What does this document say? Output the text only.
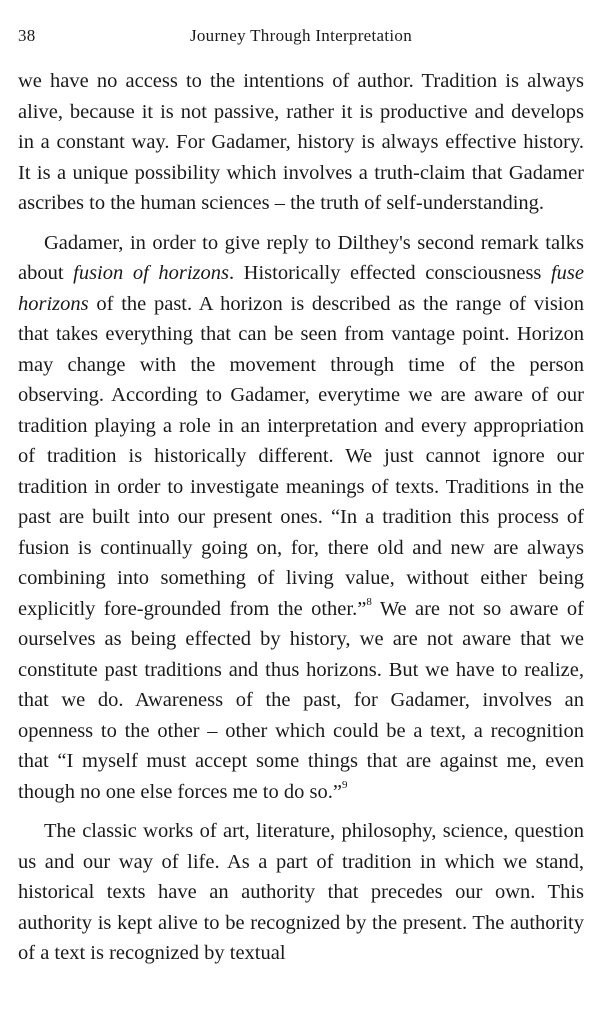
38	Journey Through Interpretation

we have no access to the intentions of author. Tradition is always alive, because it is not passive, rather it is productive and develops in a constant way. For Gadamer, history is always effective history. It is a unique possibility which involves a truth-claim that Gadamer ascribes to the human sciences – the truth of self-understanding.

Gadamer, in order to give reply to Dilthey's second remark talks about fusion of horizons. Historically effected consciousness fuse horizons of the past. A horizon is described as the range of vision that takes everything that can be seen from vantage point. Horizon may change with the movement through time of the person observing. According to Gadamer, everytime we are aware of our tradition playing a role in an interpretation and every appropriation of tradition is historically different. We just cannot ignore our tradition in order to investigate meanings of texts. Traditions in the past are built into our present ones. “In a tradition this process of fusion is continually going on, for, there old and new are always combining into something of living value, without either being explicitly fore-grounded from the other.”$^8$ We are not so aware of ourselves as being effected by history, we are not aware that we constitute past traditions and thus horizons. But we have to realize, that we do. Awareness of the past, for Gadamer, involves an openness to the other – other which could be a text, a recognition that “I myself must accept some things that are against me, even though no one else forces me to do so.”$^9$

The classic works of art, literature, philosophy, science, question us and our way of life. As a part of tradition in which we stand, historical texts have an authority that precedes our own. This authority is kept alive to be recognized by the present. The authority of a text is recognized by textual
